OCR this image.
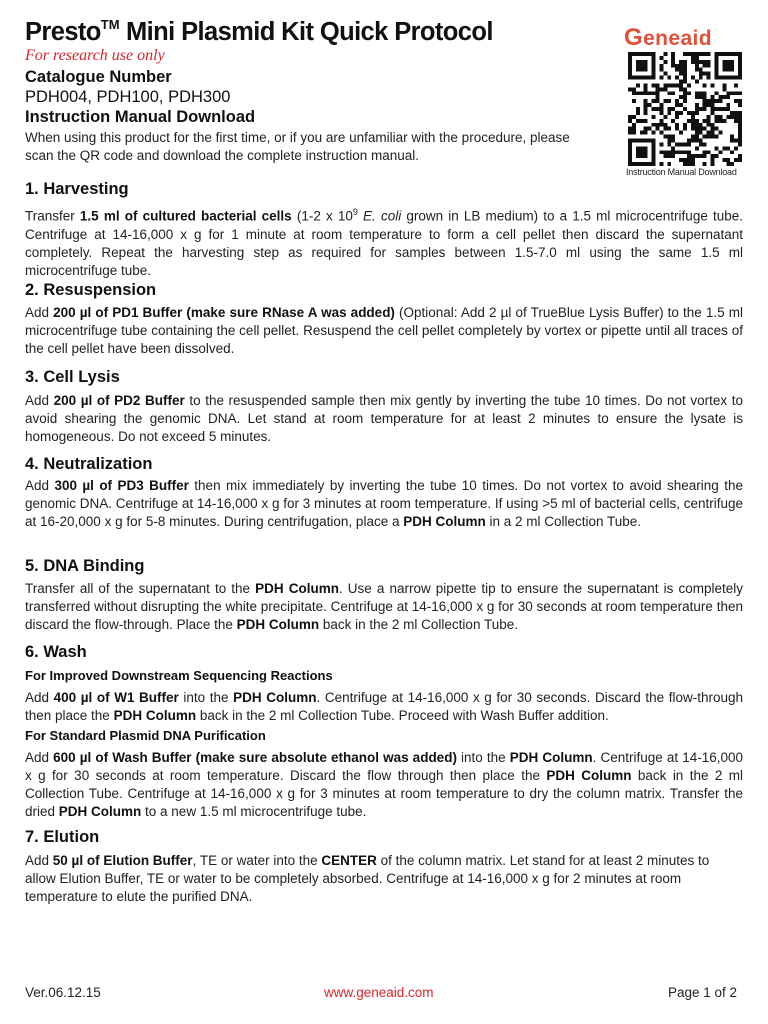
Presto™ Mini Plasmid Kit Quick Protocol
For research use only
Catalogue Number
PDH004, PDH100, PDH300
Instruction Manual Download

When using this product for the first time, or if you are unfamiliar with the procedure, please scan the QR code and download the complete instruction manual.

Geneaid
Instruction Manual Download
1. Harvesting

Transfer 1.5 ml of cultured bacterial cells (1-2 x $10^9$ E. coli grown in LB medium) to a 1.5 ml microcentrifuge tube. Centrifuge at 14-16,000 x g for 1 minute at room temperature to form a cell pellet then discard the supernatant completely. Repeat the harvesting step as required for samples between 1.5-7.0 ml using the same 1.5 ml microcentrifuge tube.

2. Resuspension

Add 200 µl of PD1 Buffer (make sure RNase A was added) (Optional: Add 2 µl of TrueBlue Lysis Buffer) to the 1.5 ml microcentrifuge tube containing the cell pellet. Resuspend the cell pellet completely by vortex or pipette until all traces of the cell pellet have been dissolved.

3. Cell Lysis

Add 200 µl of PD2 Buffer to the resuspended sample then mix gently by inverting the tube 10 times. Do not vortex to avoid shearing the genomic DNA. Let stand at room temperature for at least 2 minutes to ensure the lysate is homogeneous. Do not exceed 5 minutes.

4. Neutralization

Add 300 µl of PD3 Buffer then mix immediately by inverting the tube 10 times. Do not vortex to avoid shearing the genomic DNA. Centrifuge at 14-16,000 x g for 3 minutes at room temperature. If using >5 ml of bacterial cells, centrifuge at 16-20,000 x g for 5-8 minutes. During centrifugation, place a PDH Column in a 2 ml Collection Tube.

5. DNA Binding

Transfer all of the supernatant to the PDH Column. Use a narrow pipette tip to ensure the supernatant is completely transferred without disrupting the white precipitate. Centrifuge at 14-16,000 x g for 30 seconds at room temperature then discard the flow-through. Place the PDH Column back in the 2 ml Collection Tube.

6. Wash
For Improved Downstream Sequencing Reactions

Add 400 µl of W1 Buffer into the PDH Column. Centrifuge at 14-16,000 x g for 30 seconds. Discard the flow-through then place the PDH Column back in the 2 ml Collection Tube. Proceed with Wash Buffer addition.

For Standard Plasmid DNA Purification

Add 600 µl of Wash Buffer (make sure absolute ethanol was added) into the PDH Column. Centrifuge at 14-16,000 x g for 30 seconds at room temperature. Discard the flow through then place the PDH Column back in the 2 ml Collection Tube. Centrifuge at 14-16,000 x g for 3 minutes at room temperature to dry the column matrix. Transfer the dried PDH Column to a new 1.5 ml microcentrifuge tube.

7. Elution

Add 50 µl of Elution Buffer, TE or water into the CENTER of the column matrix. Let stand for at least 2 minutes to allow Elution Buffer, TE or water to be completely absorbed. Centrifuge at 14-16,000 x g for 2 minutes at room temperature to elute the purified DNA.

Ver.06.12.15	www.geneaid.com	Page 1 of 2
